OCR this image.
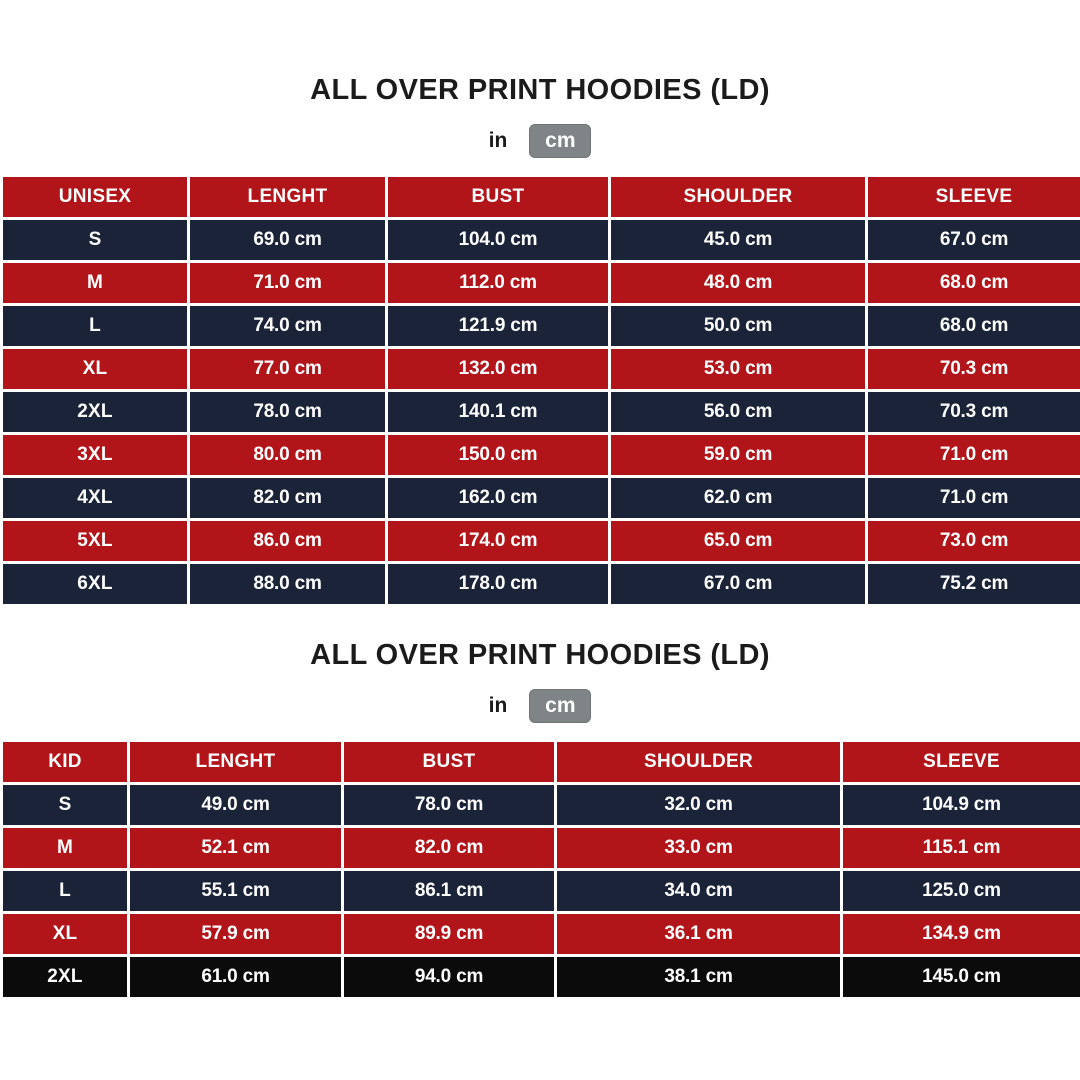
ALL OVER PRINT HOODIES (LD)
in	cm
UNISEX	LENGHT	BUST	SHOULDER	SLEEVE
S	69.0 cm	104.0 cm	45.0 cm	67.0 cm
M	71.0 cm	112.0 cm	48.0 cm	68.0 cm
L	74.0 cm	121.9 cm	50.0 cm	68.0 cm
XL	77.0 cm	132.0 cm	53.0 cm	70.3 cm
2XL	78.0 cm	140.1 cm	56.0 cm	70.3 cm
3XL	80.0 cm	150.0 cm	59.0 cm	71.0 cm
4XL	82.0 cm	162.0 cm	62.0 cm	71.0 cm
5XL	86.0 cm	174.0 cm	65.0 cm	73.0 cm
6XL	88.0 cm	178.0 cm	67.0 cm	75.2 cm
ALL OVER PRINT HOODIES (LD)
in	cm
KID	LENGHT	BUST	SHOULDER	SLEEVE
S	49.0 cm	78.0 cm	32.0 cm	104.9 cm
M	52.1 cm	82.0 cm	33.0 cm	115.1 cm
L	55.1 cm	86.1 cm	34.0 cm	125.0 cm
XL	57.9 cm	89.9 cm	36.1 cm	134.9 cm
2XL	61.0 cm	94.0 cm	38.1 cm	145.0 cm
